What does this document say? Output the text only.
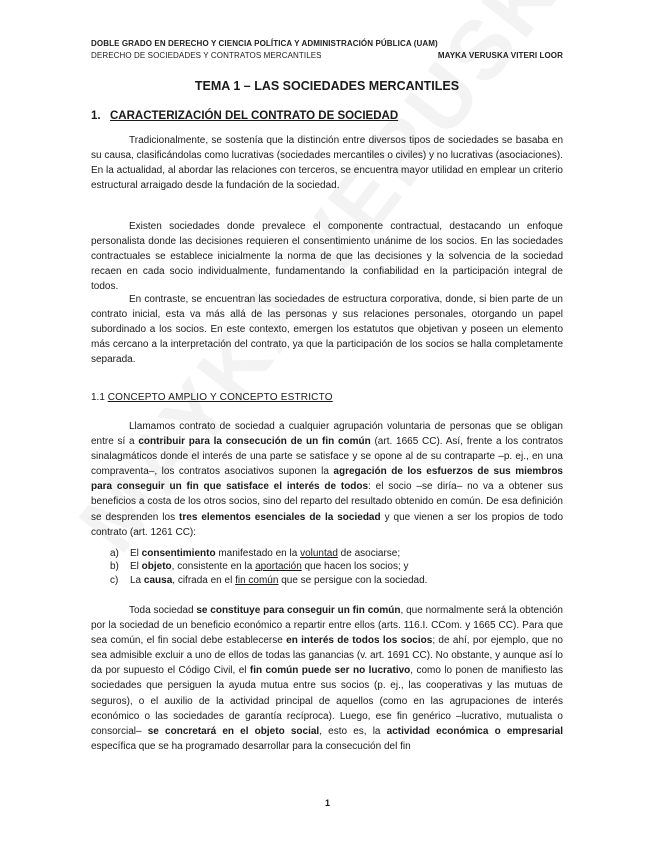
DOBLE GRADO EN DERECHO Y CIENCIA POLÍTICA Y ADMINISTRACIÓN PÚBLICA (UAM)
DERECHO DE SOCIEDADES Y CONTRATOS MERCANTILES	MAYKA VERUSKA VITERI LOOR
TEMA 1 – LAS SOCIEDADES MERCANTILES
1. CARACTERIZACIÓN DEL CONTRATO DE SOCIEDAD
Tradicionalmente, se sostenía que la distinción entre diversos tipos de sociedades se basaba en su causa, clasificándolas como lucrativas (sociedades mercantiles o civiles) y no lucrativas (asociaciones). En la actualidad, al abordar las relaciones con terceros, se encuentra mayor utilidad en emplear un criterio estructural arraigado desde la fundación de la sociedad.
Existen sociedades donde prevalece el componente contractual, destacando un enfoque personalista donde las decisiones requieren el consentimiento unánime de los socios. En las sociedades contractuales se establece inicialmente la norma de que las decisiones y la solvencia de la sociedad recaen en cada socio individualmente, fundamentando la confiabilidad en la participación integral de todos.
En contraste, se encuentran las sociedades de estructura corporativa, donde, si bien parte de un contrato inicial, esta va más allá de las personas y sus relaciones personales, otorgando un papel subordinado a los socios. En este contexto, emergen los estatutos que objetivan y poseen un elemento más cercano a la interpretación del contrato, ya que la participación de los socios se halla completamente separada.
1.1 CONCEPTO AMPLIO Y CONCEPTO ESTRICTO
Llamamos contrato de sociedad a cualquier agrupación voluntaria de personas que se obligan entre sí a contribuir para la consecución de un fin común (art. 1665 CC). Así, frente a los contratos sinalagmáticos donde el interés de una parte se satisface y se opone al de su contraparte –p. ej., en una compraventa–, los contratos asociativos suponen la agregación de los esfuerzos de sus miembros para conseguir un fin que satisface el interés de todos: el socio –se diría– no va a obtener sus beneficios a costa de los otros socios, sino del reparto del resultado obtenido en común. De esa definición se desprenden los tres elementos esenciales de la sociedad y que vienen a ser los propios de todo contrato (art. 1261 CC):
a)	El consentimiento manifestado en la voluntad de asociarse;
b)	El objeto, consistente en la aportación que hacen los socios; y
c)	La causa, cifrada en el fin común que se persigue con la sociedad.
Toda sociedad se constituye para conseguir un fin común, que normalmente será la obtención por la sociedad de un beneficio económico a repartir entre ellos (arts. 116.I. CCom. y 1665 CC). Para que sea común, el fin social debe establecerse en interés de todos los socios; de ahí, por ejemplo, que no sea admisible excluir a uno de ellos de todas las ganancias (v. art. 1691 CC). No obstante, y aunque así lo da por supuesto el Código Civil, el fin común puede ser no lucrativo, como lo ponen de manifiesto las sociedades que persiguen la ayuda mutua entre sus socios (p. ej., las cooperativas y las mutuas de seguros), o el auxilio de la actividad principal de aquellos (como en las agrupaciones de interés económico o las sociedades de garantía recíproca). Luego, ese fin genérico –lucrativo, mutualista o consorcial– se concretará en el objeto social, esto es, la actividad económica o empresarial específica que se ha programado desarrollar para la consecución del fin
1
